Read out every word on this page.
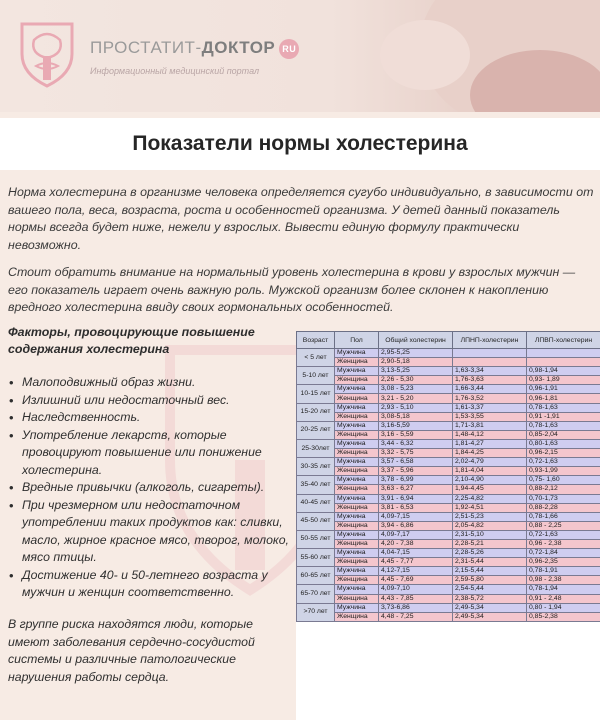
ПРОСТАТИТ-ДОКТОР RU
Информационный медицинский портал
Показатели нормы холестерина

Норма холестерина в организме человека определяется сугубо индивидуально, в зависимости от вашего пола, веса, возраста, роста и особенностей организма. У детей данный показатель нормы всегда будет ниже, нежели у взрослых. Вывести единую формулу практически невозможно.

Стоит обратить внимание на нормальный уровень холестерина в крови у взрослых мужчин — его показатель играет очень важную роль. Мужской организм более склонен к накоплению вредного холестерина ввиду своих гормональных особенностей.

Факторы, провоцирующие повышение содержания холестерина

• Малоподвижный образ жизни.
• Излишний или недостаточный вес.
• Наследственность.
• Употребление лекарств, которые провоцируют повышение или понижение холестерина.
• Вредные привычки (алкоголь, сигареты).
• При чрезмерном или недостаточном употреблении таких продуктов как: сливки, масло, жирное красное мясо, творог, молоко, мясо птицы.
• Достижение 40- и 50-летнего возраста у мужчин и женщин соответственно.

В группе риска находятся люди, которые имеют заболевания сердечно-сосудистой системы и различные патологические нарушения работы сердца.

Возраст	Пол	Общий холестерин	ЛПНП-холестерин	ЛПВП-холестерин
< 5 лет	Мужчина	2,95-5,25		
	Женщина	2,90-5,18		
5-10 лет	Мужчина	3,13-5,25	1,63-3,34	0,98-1,94
	Женщина	2,26 - 5,30	1,76-3,63	0,93- 1,89
10-15 лет	Мужчина	3,08 - 5,23	1,66-3,44	0,96-1,91
	Женщина	3,21 - 5,20	1,76-3,52	0,96-1,81
15-20 лет	Мужчина	2,93 - 5,10	1,61-3,37	0,78-1,63
	Женщина	3,08-5,18	1,53-3,55	0,91 -1,91
20-25 лет	Мужчина	3,16-5,59	1,71-3,81	0,78-1,63
	Женщина	3,16 - 5,59	1,48-4,12	0,85-2,04
25-30лет	Мужчина	3,44 - 6,32	1,81-4,27	0,80-1,63
	Женщина	3,32 - 5,75	1,84-4,25	0,96-2,15
30-35 лет	Мужчина	3,57 - 6,58	2,02-4,79	0,72-1,63
	Женщина	3,37 - 5,96	1,81-4,04	0,93-1,99
35-40 лет	Мужчина	3,78 - 6,99	2,10-4,90	0,75- 1,60
	Женщина	3,63 - 6,27	1,94-4,45	0,88-2,12
40-45 лет	Мужчина	3,91 - 6,94	2,25-4,82	0,70-1,73
	Женщина	3,81 - 6,53	1,92-4,51	0,88-2,28
45-50 лет	Мужчина	4,09-7,15	2,51-5,23	0,78-1,66
	Женщина	3,94 - 6,86	2,05-4,82	0,88 - 2,25
50-55 лет	Мужчина	4,09-7,17	2,31-5,10	0,72-1,63
	Женщина	4,20 - 7,38	2,28-5,21	0,96 - 2,38
55-60 лет	Мужчина	4,04-7,15	2,28-5,26	0,72-1,84
	Женщина	4,45 - 7,77	2,31-5,44	0,96-2,35
60-65 лет	Мужчина	4,12-7,15	2,15-5,44	0,78-1,91
	Женщина	4,45 - 7,69	2,59-5,80	0,98 - 2,38
65-70 лет	Мужчина	4,09-7,10	2,54-5,44	0,78-1,94
	Женщина	4,43 - 7,85	2,38-5,72	0,91 - 2,48
>70 лет	Мужчина	3,73-6,86	2,49-5,34	0,80 - 1,94
	Женщина	4,48 - 7,25	2,49-5,34	0,85-2,38
